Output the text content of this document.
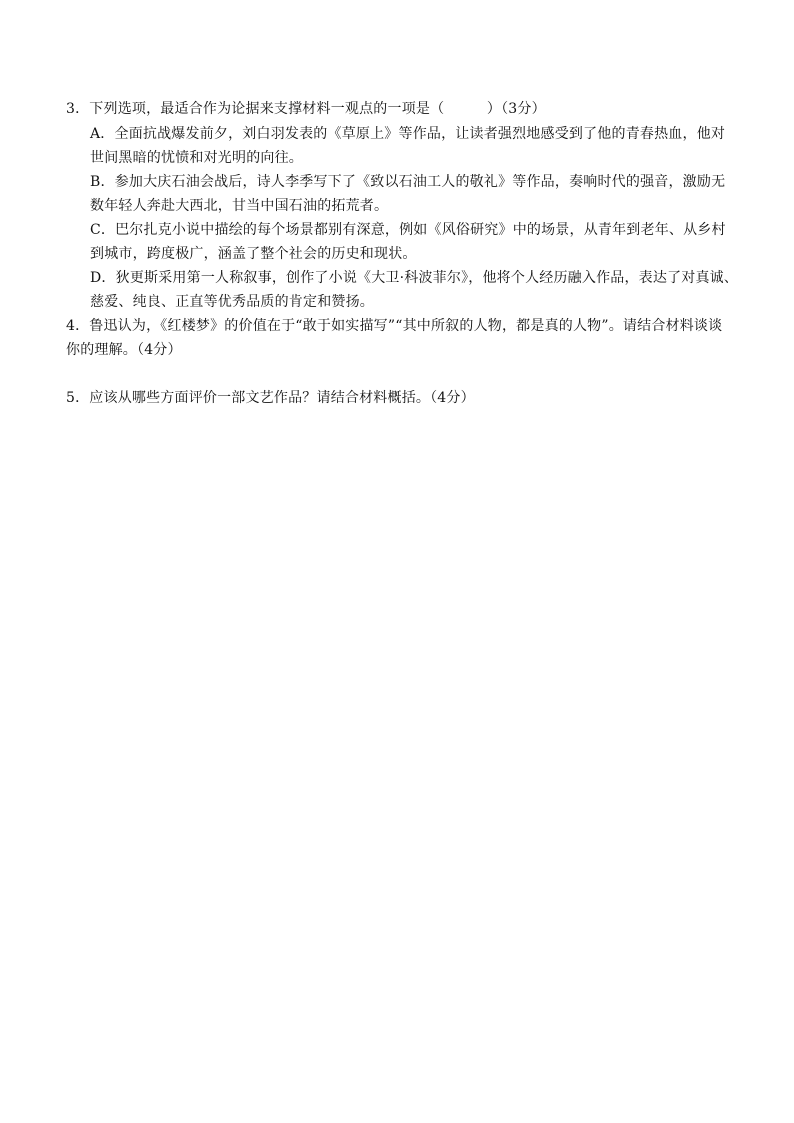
3．下列选项，最适合作为论据来支撑材料一观点的一项是（　　　）（3分）
A．全面抗战爆发前夕，刘白羽发表的《草原上》等作品，让读者强烈地感受到了他的青春热血，他对
世间黑暗的忧愤和对光明的向往。
B．参加大庆石油会战后，诗人李季写下了《致以石油工人的敬礼》等作品，奏响时代的强音，激励无
数年轻人奔赴大西北，甘当中国石油的拓荒者。
C．巴尔扎克小说中描绘的每个场景都别有深意，例如《风俗研究》中的场景，从青年到老年、从乡村
到城市，跨度极广，涵盖了整个社会的历史和现状。
D．狄更斯采用第一人称叙事，创作了小说《大卫·科波菲尔》，他将个人经历融入作品，表达了对真诚、
慈爱、纯良、正直等优秀品质的肯定和赞扬。
4．鲁迅认为，《红楼梦》的价值在于“敢于如实描写”“其中所叙的人物，都是真的人物”。请结合材料谈谈
你的理解。（4分）
5．应该从哪些方面评价一部文艺作品？请结合材料概括。（4分）
